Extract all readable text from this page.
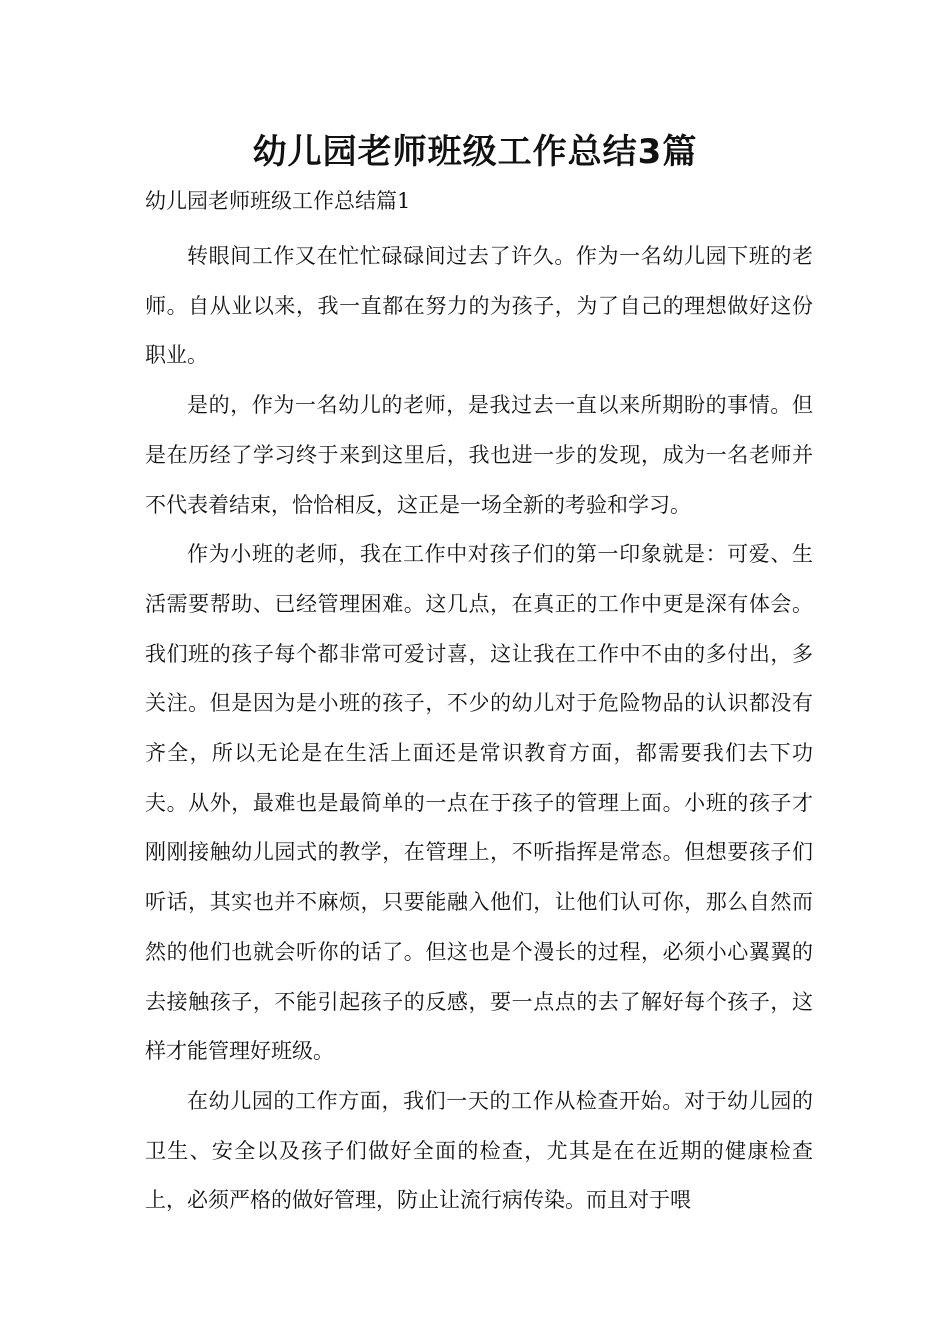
幼儿园老师班级工作总结3篇
幼儿园老师班级工作总结篇1

转眼间工作又在忙忙碌碌间过去了许久。作为一名幼儿园下班的老师。自从业以来，我一直都在努力的为孩子，为了自己的理想做好这份职业。

是的，作为一名幼儿的老师，是我过去一直以来所期盼的事情。但是在历经了学习终于来到这里后，我也进一步的发现，成为一名老师并不代表着结束，恰恰相反，这正是一场全新的考验和学习。

作为小班的老师，我在工作中对孩子们的第一印象就是：可爱、生活需要帮助、已经管理困难。这几点，在真正的工作中更是深有体会。我们班的孩子每个都非常可爱讨喜，这让我在工作中不由的多付出，多关注。但是因为是小班的孩子，不少的幼儿对于危险物品的认识都没有齐全，所以无论是在生活上面还是常识教育方面，都需要我们去下功夫。从外，最难也是最简单的一点在于孩子的管理上面。小班的孩子才刚刚接触幼儿园式的教学，在管理上，不听指挥是常态。但想要孩子们听话，其实也并不麻烦，只要能融入他们，让他们认可你，那么自然而然的他们也就会听你的话了。但这也是个漫长的过程，必须小心翼翼的去接触孩子，不能引起孩子的反感，要一点点的去了解好每个孩子，这样才能管理好班级。

在幼儿园的工作方面，我们一天的工作从检查开始。对于幼儿园的卫生、安全以及孩子们做好全面的检查，尤其是在在近期的健康检查上，必须严格的做好管理，防止让流行病传染。而且对于喂
